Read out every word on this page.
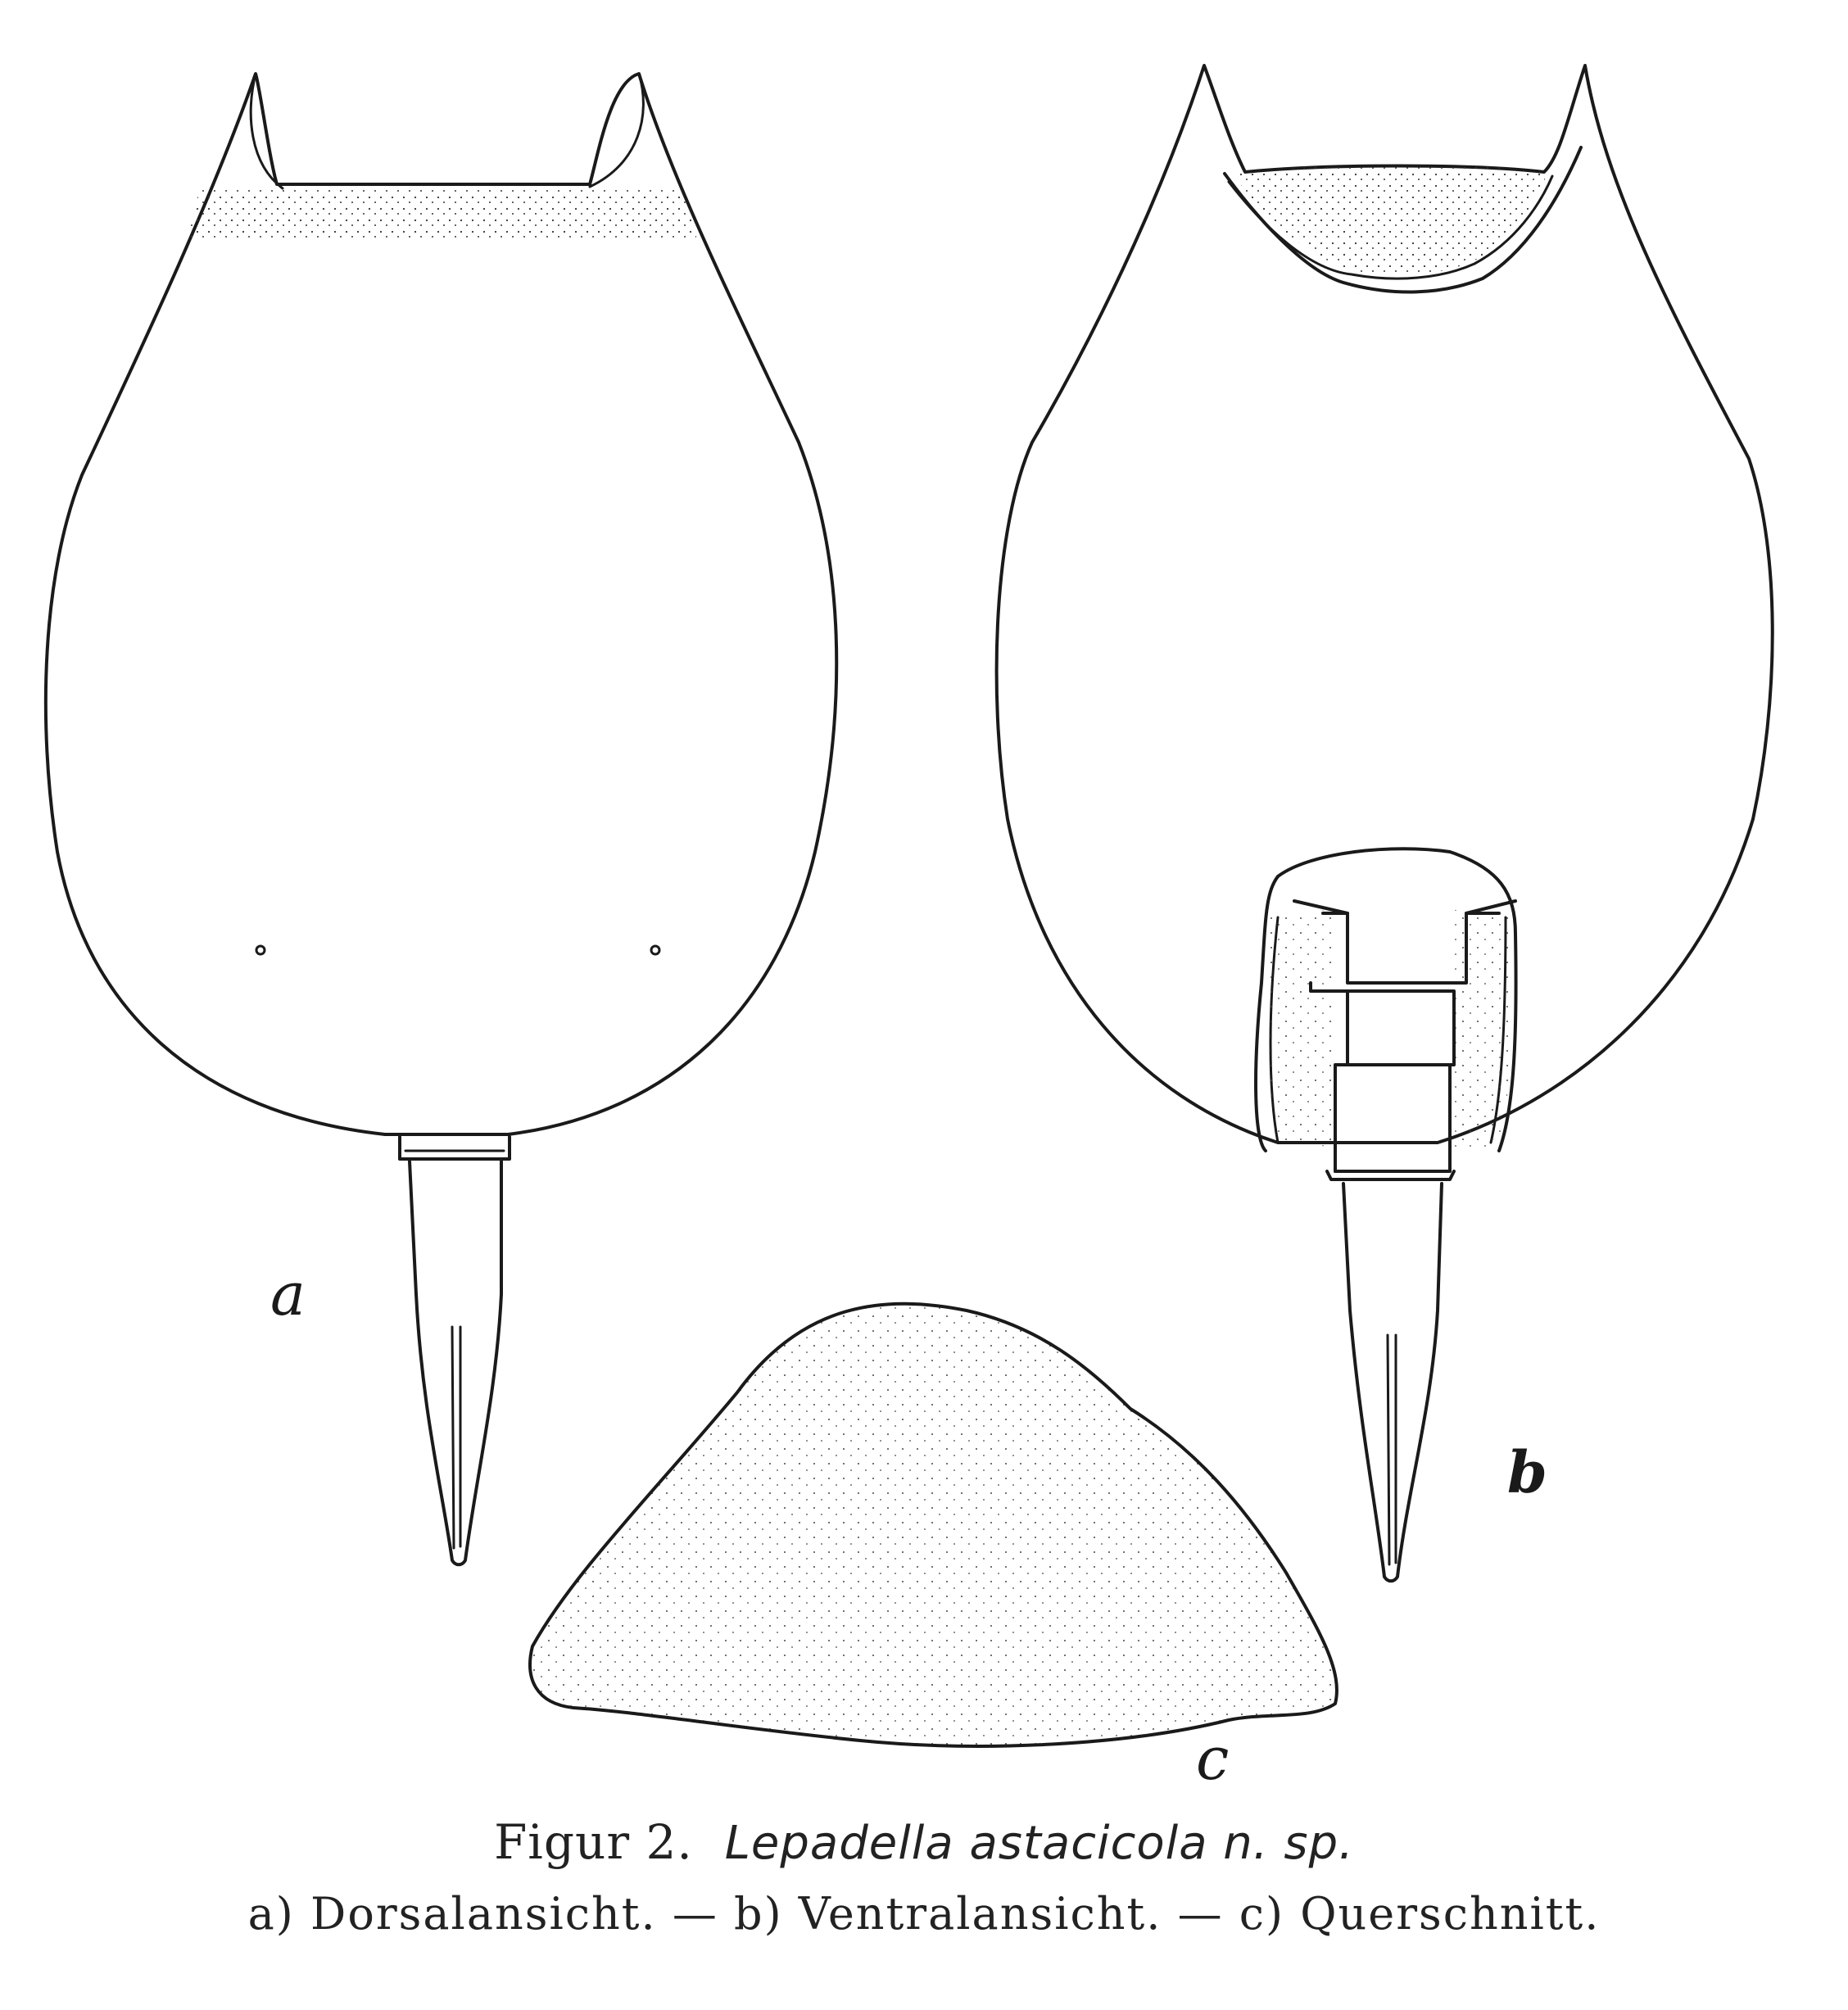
a
b
c
Figur 2. Lepadella astacicola n. sp.
a) Dorsalansicht. — b) Ventralansicht. — c) Querschnitt.
